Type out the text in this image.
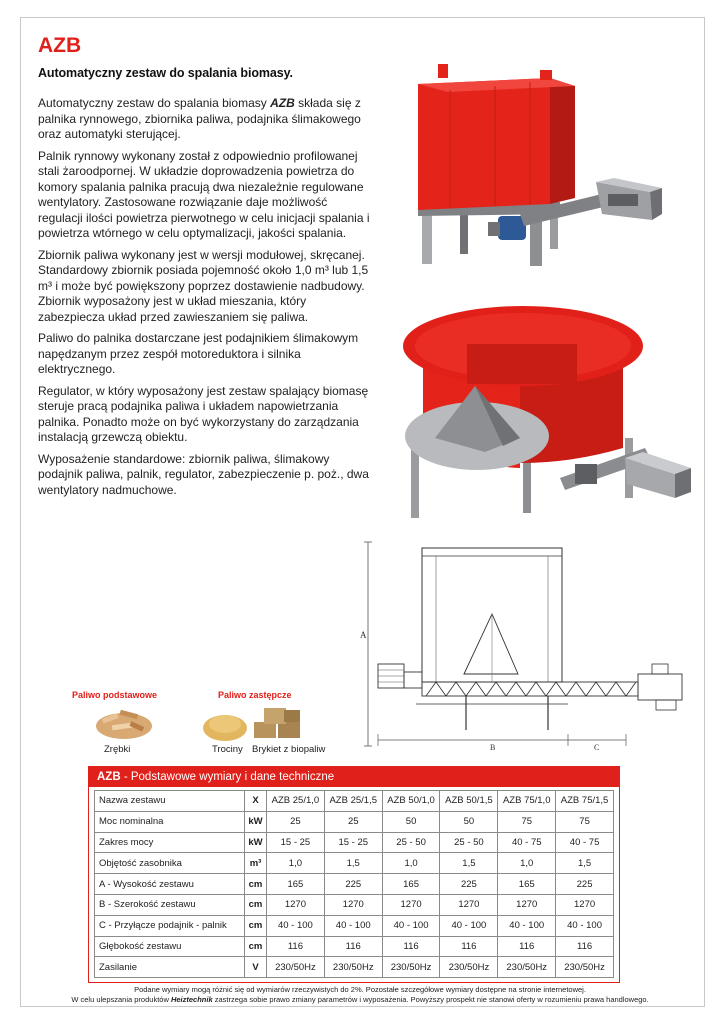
AZB
Automatyczny zestaw do spalania biomasy.

Automatyczny zestaw do spalania biomasy AZB składa się z palnika rynnowego, zbiornika paliwa, podajnika ślimakowego oraz automatyki sterującej.

Palnik rynnowy wykonany został z odpowiednio profilowanej stali żaroodpornej. W układzie doprowadzenia powietrza do komory spalania palnika pracują dwa niezależnie regulowane wentylatory. Zastosowane rozwiązanie daje możliwość regulacji ilości powietrza pierwotnego w celu inicjacji spalania i powietrza wtórnego w celu optymalizacji, jakości spalania.

Zbiornik paliwa wykonany jest w wersji modułowej, skręcanej. Standardowy zbiornik posiada pojemność około 1,0 m³ lub 1,5 m³ i może być powiększony poprzez dostawienie nadbudowy. Zbiornik wyposażony jest w układ mieszania, który zabezpiecza układ przed zawieszaniem się paliwa.

Paliwo do palnika dostarczane jest podajnikiem ślimakowym napędzanym przez zespół motoreduktora i silnika elektrycznego.

Regulator, w który wyposażony jest zestaw spalający biomasę steruje pracą podajnika paliwa i układem napowietrzania palnika. Ponadto może on być wykorzystany do zarządzania instalacją grzewczą obiektu.

Wyposażenie standardowe: zbiornik paliwa, ślimakowy podajnik paliwa, palnik, regulator, zabezpieczenie p. poż., dwa wentylatory nadmuchowe.

A
B	C
Paliwo podstawowe	Paliwo zastępcze
Zrębki	Trociny Brykiet z biopaliw
AZB - Podstawowe wymiary i dane techniczne
Nazwa zestawu	X	AZB 25/1,0	AZB 25/1,5	AZB 50/1,0	AZB 50/1,5	AZB 75/1,0	AZB 75/1,5
Moc nominalna	kW	25	25	50	50	75	75
Zakres mocy	kW	15 - 25	15 - 25	25 - 50	25 - 50	40 - 75	40 - 75
Objętość zasobnika	m³	1,0	1,5	1,0	1,5	1,0	1,5
A - Wysokość zestawu	cm	165	225	165	225	165	225
B - Szerokość zestawu	cm	1270	1270	1270	1270	1270	1270
C - Przyłącze podajnik - palnik	cm	40 - 100	40 - 100	40 - 100	40 - 100	40 - 100	40 - 100
Głębokość zestawu	cm	116	116	116	116	116	116
Zasilanie	V	230/50Hz	230/50Hz	230/50Hz	230/50Hz	230/50Hz	230/50Hz
Podane wymiary mogą różnić się od wymiarów rzeczywistych do 2%. Pozostałe szczegółowe wymiary dostępne na stronie internetowej.
W celu ulepszania produktów Heiztechnik zastrzega sobie prawo zmiany parametrów i wyposażenia. Powyższy prospekt nie stanowi oferty w rozumieniu prawa handlowego.
